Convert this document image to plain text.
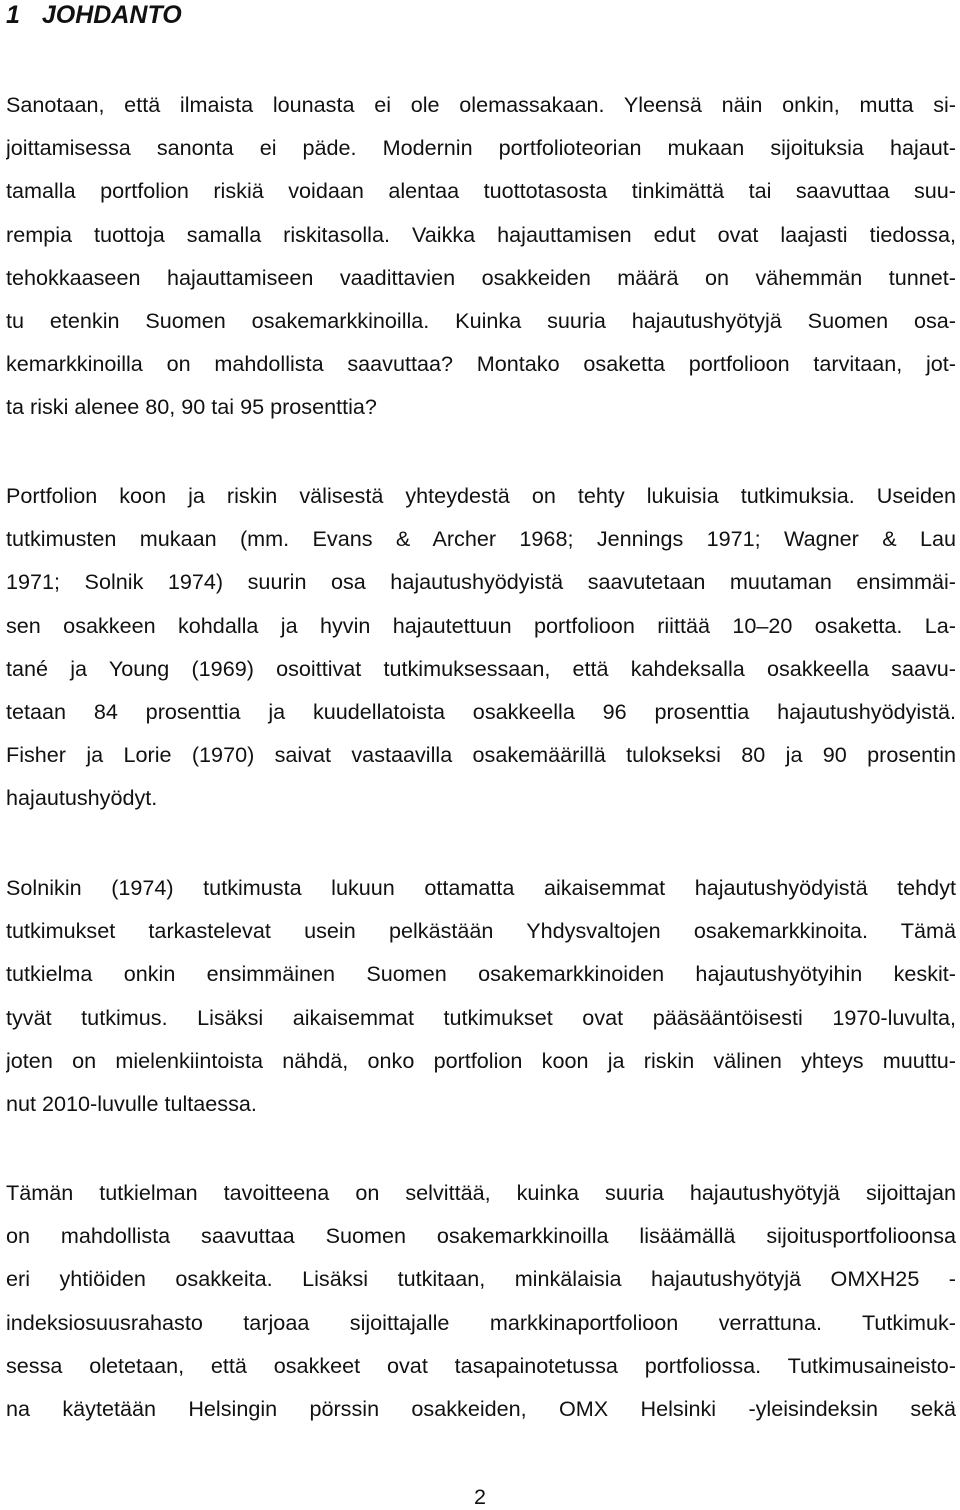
1 JOHDANTO
Sanotaan, että ilmaista lounasta ei ole olemassakaan. Yleensä näin onkin, mutta si-
joittamisessa sanonta ei päde. Modernin portfolioteorian mukaan sijoituksia hajaut-
tamalla portfolion riskiä voidaan alentaa tuottotasosta tinkimättä tai saavuttaa suu-
rempia tuottoja samalla riskitasolla. Vaikka hajauttamisen edut ovat laajasti tiedossa,
tehokkaaseen hajauttamiseen vaadittavien osakkeiden määrä on vähemmän tunnet-
tu etenkin Suomen osakemarkkinoilla. Kuinka suuria hajautushyötyjä Suomen osa-
kemarkkinoilla on mahdollista saavuttaa? Montako osaketta portfolioon tarvitaan, jot-
ta riski alenee 80, 90 tai 95 prosenttia?
Portfolion koon ja riskin välisestä yhteydestä on tehty lukuisia tutkimuksia. Useiden
tutkimusten mukaan (mm. Evans & Archer 1968; Jennings 1971; Wagner & Lau
1971; Solnik 1974) suurin osa hajautushyödyistä saavutetaan muutaman ensimmäi-
sen osakkeen kohdalla ja hyvin hajautettuun portfolioon riittää 10–20 osaketta. La-
tané ja Young (1969) osoittivat tutkimuksessaan, että kahdeksalla osakkeella saavu-
tetaan 84 prosenttia ja kuudellatoista osakkeella 96 prosenttia hajautushyödyistä.
Fisher ja Lorie (1970) saivat vastaavilla osakemäärillä tulokseksi 80 ja 90 prosentin
hajautushyödyt.
Solnikin (1974) tutkimusta lukuun ottamatta aikaisemmat hajautushyödyistä tehdyt
tutkimukset tarkastelevat usein pelkästään Yhdysvaltojen osakemarkkinoita. Tämä
tutkielma onkin ensimmäinen Suomen osakemarkkinoiden hajautushyötyihin keskit-
tyvät tutkimus. Lisäksi aikaisemmat tutkimukset ovat pääsääntöisesti 1970-luvulta,
joten on mielenkiintoista nähdä, onko portfolion koon ja riskin välinen yhteys muuttu-
nut 2010-luvulle tultaessa.
Tämän tutkielman tavoitteena on selvittää, kuinka suuria hajautushyötyjä sijoittajan
on mahdollista saavuttaa Suomen osakemarkkinoilla lisäämällä sijoitusportfolioonsa
eri yhtiöiden osakkeita. Lisäksi tutkitaan, minkälaisia hajautushyötyjä OMXH25 -
indeksiosuusrahasto tarjoaa sijoittajalle markkinaportfolioon verrattuna. Tutkimuk-
sessa oletetaan, että osakkeet ovat tasapainotetussa portfoliossa. Tutkimusaineisto-
na käytetään Helsingin pörssin osakkeiden, OMX Helsinki -yleisindeksin sekä
2
